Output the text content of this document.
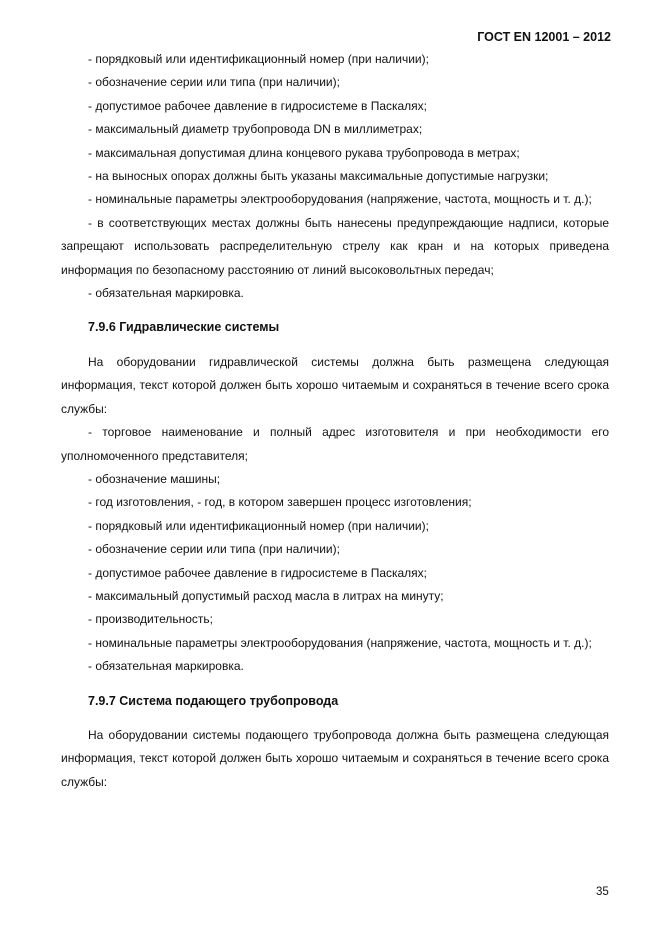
ГОСТ EN 12001 – 2012

- порядковый или идентификационный номер (при наличии);

- обозначение серии или типа (при наличии);

- допустимое рабочее давление в гидросистеме в Паскалях;

- максимальный диаметр трубопровода DN в миллиметрах;

- максимальная допустимая длина концевого рукава трубопровода в метрах;

- на выносных опорах должны быть указаны максимальные допустимые нагрузки;

- номинальные параметры электрооборудования (напряжение, частота, мощность и т. д.);

- в соответствующих местах должны быть нанесены предупреждающие надписи, которые запрещают использовать распределительную стрелу как кран и на которых приведена информация по безопасному расстоянию от линий высоковольтных передач;

- обязательная маркировка.

7.9.6 Гидравлические системы

На оборудовании гидравлической системы должна быть размещена следующая информация, текст которой должен быть хорошо читаемым и сохраняться в течение всего срока службы:

- торговое наименование и полный адрес изготовителя и при необходимости его уполномоченного представителя;

- обозначение машины;

- год изготовления, - год, в котором завершен процесс изготовления;

- порядковый или идентификационный номер (при наличии);

- обозначение серии или типа (при наличии);

- допустимое рабочее давление в гидросистеме в Паскалях;

- максимальный допустимый расход масла в литрах на минуту;

- производительность;

- номинальные параметры электрооборудования (напряжение, частота, мощность и т. д.);

- обязательная маркировка.

7.9.7 Система подающего трубопровода

На оборудовании системы подающего трубопровода должна быть размещена следующая информация, текст которой должен быть хорошо читаемым и сохраняться в течение всего срока службы:

35
